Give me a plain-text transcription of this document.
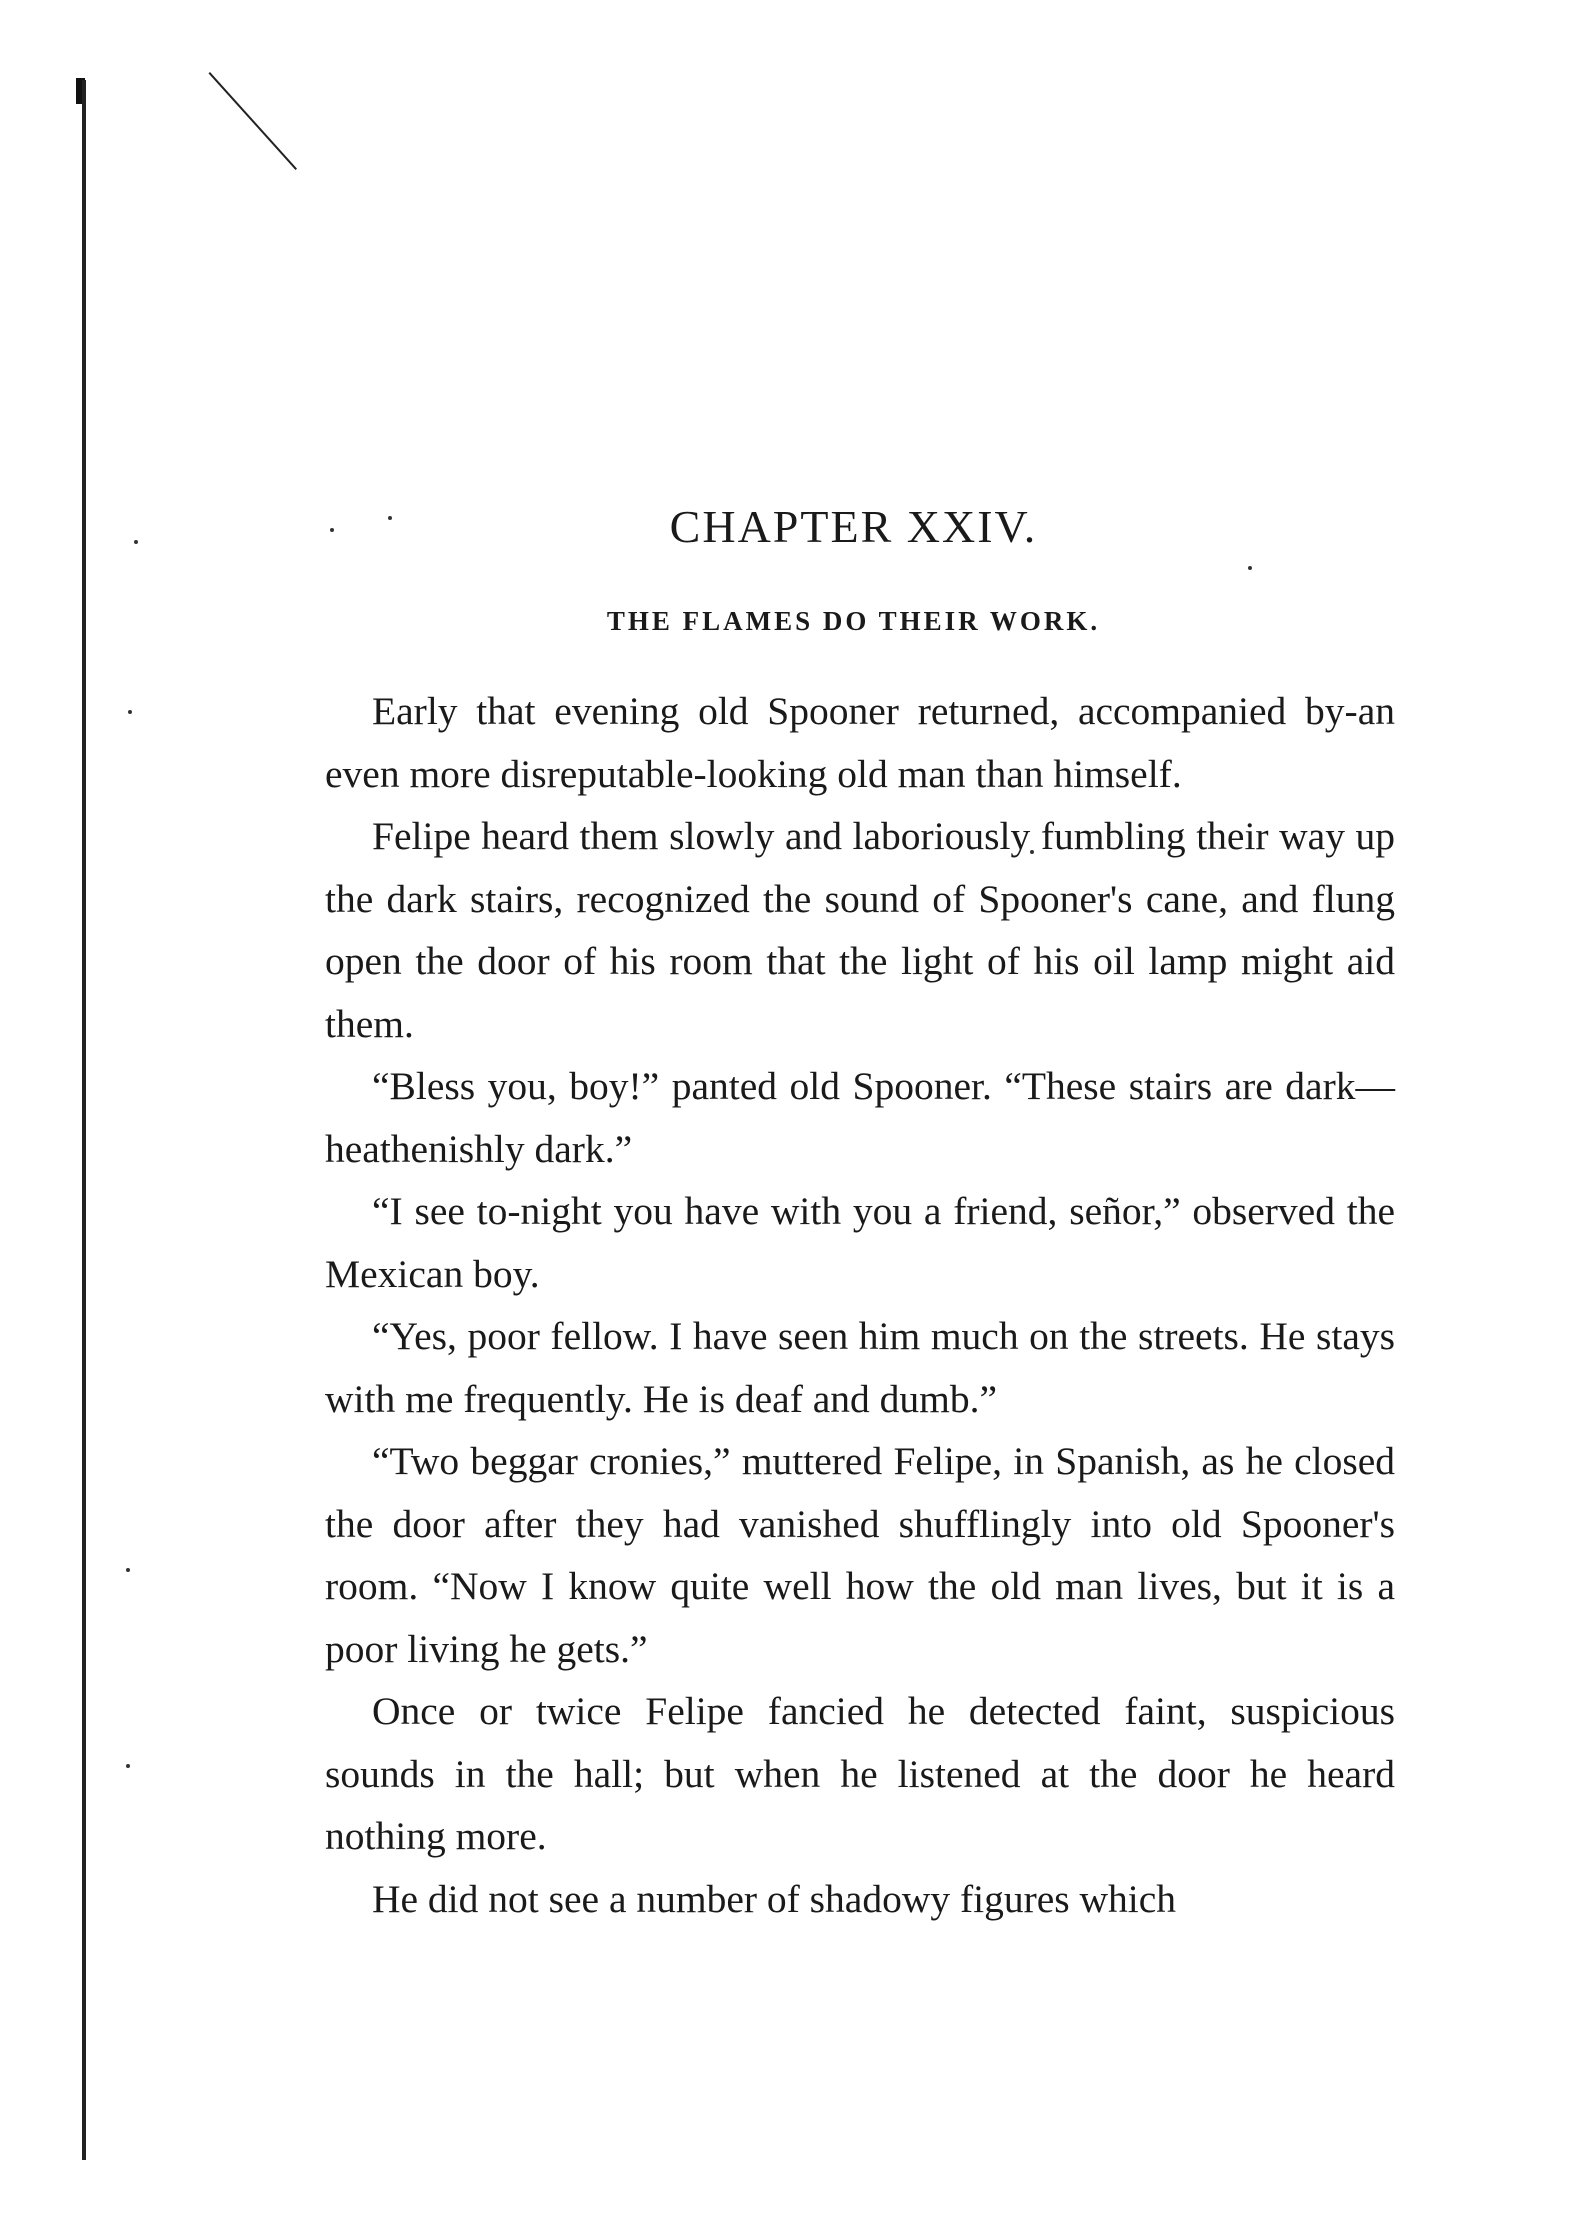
CHAPTER XXIV.
THE FLAMES DO THEIR WORK.

Early that evening old Spooner returned, accompanied by-an even more disreputable-looking old man than himself.

Felipe heard them slowly and laboriously fumbling their way up the dark stairs, recognized the sound of Spooner's cane, and flung open the door of his room that the light of his oil lamp might aid them.

“Bless you, boy!” panted old Spooner. “These stairs are dark—heathenishly dark.”

“I see to-night you have with you a friend, señor,” observed the Mexican boy.

“Yes, poor fellow. I have seen him much on the streets. He stays with me frequently. He is deaf and dumb.”

“Two beggar cronies,” muttered Felipe, in Spanish, as he closed the door after they had vanished shufflingly into old Spooner's room. “Now I know quite well how the old man lives, but it is a poor living he gets.”

Once or twice Felipe fancied he detected faint, suspicious sounds in the hall; but when he listened at the door he heard nothing more.

He did not see a number of shadowy figures which
